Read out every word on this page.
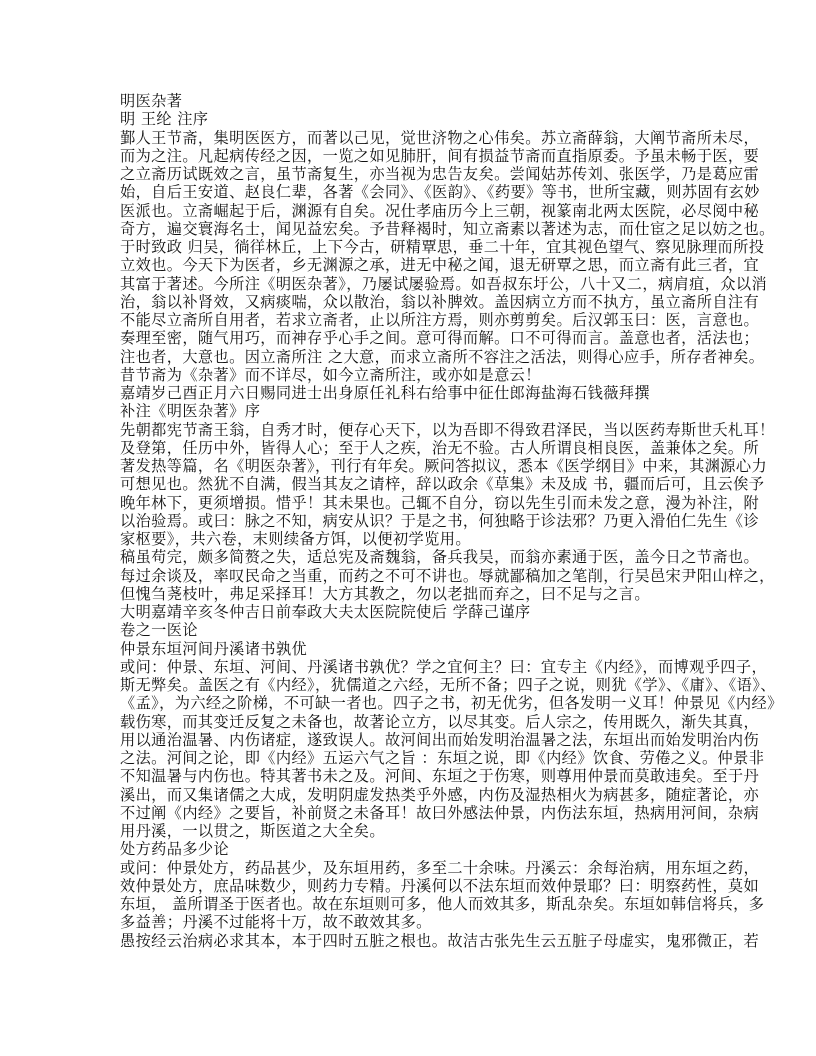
明医杂著
明 王纶 注序
鄞人王节斋，集明医医方，而著以己见，觉世济物之心伟矣。苏立斋薛翁，大阐节斋所未尽，
而为之注。凡起病传经之因，一览之如见肺肝，间有损益节斋而直指原委。予虽未畅于医，要
之立斋历试既效之言，虽节斋复生，亦当视为忠告友矣。尝闻姑苏传刘、张医学，乃是葛应雷
始，自后王安道、赵良仁辈，各著《会同》、《医韵》、《药要》等书，世所宝藏，则苏固有玄妙
医派也。立斋崛起于后，渊源有自矣。况仕孝庙历今上三朝，视篆南北两太医院，必尽阅中秘
奇方，遍交寰海名士，闻见益宏矣。予昔释褐时，知立斋素以著述为志，而仕宦之足以妨之也。
于时致政 归吴，徜徉林丘，上下今古，研精覃思，垂二十年，宜其视色望气、察见脉理而所投
立效也。今天下为医者，乡无渊源之承，进无中秘之闻，退无研覃之思，而立斋有此三者，宜
其富于著述。今所注《明医杂著》，乃屡试屡验焉。如吾叔东圩公，八十又二，病肩疽，众以消
治，翁以补肾效，又病痰喘，众以散治，翁以补脾效。盖因病立方而不执方，虽立斋所自注有
不能尽立斋所自用者，若求立斋者，止以所注方焉，则亦剪剪矣。后汉郭玉曰：医，言意也。
奏理至密，随气用巧，而神存乎心手之间。意可得而解。口不可得而言。盖意也者，活法也；
注也者，大意也。因立斋所注 之大意，而求立斋所不容注之活法，则得心应手，所存者神矣。
昔节斋为《杂著》而不详尽，如今立斋所注，或亦如是意云！
嘉靖岁己酉正月六日赐同进士出身原任礼科右给事中征仕郎海盐海石钱薇拜撰
补注《明医杂著》序
先朝都宪节斋王翁，自秀才时，便存心天下，以为吾即不得致君泽民，当以医药寿斯世夭札耳！
及登第，任历中外，皆得人心；至于人之疾，治无不验。古人所谓良相良医，盖兼体之矣。所
著发热等篇，名《明医杂著》，刊行有年矣。厥问答拟议，悉本《医学纲目》中来，其渊源心力
可想见也。然犹不自满，假当其友之请梓，辞以政余《草集》未及成 书，疆而后可，且云俟予
晚年林下，更须增损。惜乎！其未果也。己辄不自分，窃以先生引而未发之意，漫为补注，附
以治验焉。或曰：脉之不知，病安从识？于是之书，何独略于诊法邪？乃更入滑伯仁先生《诊
家枢要》，共六卷，末则续备方饵，以便初学览用。
稿虽苟完，颇多简赘之失，适总宪及斋魏翁，备兵我吴，而翁亦素通于医，盖今日之节斋也。
每过余谈及，率叹民命之当重，而药之不可不讲也。辱就鄙稿加之笔削，行吴邑宋尹阳山梓之，
但愧刍荛枝叶，弗足采择耳！大方其教之，勿以老拙而弃之，曰不足与之言。
大明嘉靖辛亥冬仲吉日前奉政大夫太医院院使后 学薛己谨序
卷之一医论
仲景东垣河间丹溪诸书孰优
或问：仲景、东垣、河间、丹溪诸书孰优？学之宜何主？曰：宜专主《内经》，而博观乎四子，
斯无弊矣。盖医之有《内经》，犹儒道之六经，无所不备；四子之说，则犹《学》、《庸》、《语》、
《孟》，为六经之阶梯，不可缺一者也。四子之书，初无优劣，但各发明一义耳！仲景见《内经》
载伤寒，而其变迁反复之未备也，故著论立方，以尽其变。后人宗之，传用既久，渐失其真，
用以通治温暑、内伤诸症，遂致误人。故河间出而始发明治温暑之法，东垣出而始发明治内伤
之法。河间之论，即《内经》五运六气之旨 ：东垣之说，即《内经》饮食、劳倦之义。仲景非
不知温暑与内伤也。特其著书未之及。河间、东垣之于伤寒，则尊用仲景而莫敢违矣。至于丹
溪出，而又集诸儒之大成，发明阴虚发热类乎外感，内伤及湿热相火为病甚多，随症著论，亦
不过阐《内经》之要旨，补前贤之未备耳！故曰外感法仲景，内伤法东垣，热病用河间，杂病
用丹溪，一以贯之，斯医道之大全矣。
处方药品多少论
或问：仲景处方，药品甚少，及东垣用药，多至二十余味。丹溪云：余每治病，用东垣之药，
效仲景处方，庶品味数少，则药力专精。丹溪何以不法东垣而效仲景耶？曰：明察药性，莫如
东垣， 盖所谓圣于医者也。故在东垣则可多，他人而效其多，斯乱杂矣。东垣如韩信将兵，多
多益善；丹溪不过能将十万，故不敢效其多。
愚按经云治病必求其本，本于四时五脏之根也。故洁古张先生云五脏子母虚实，鬼邪微正，若
